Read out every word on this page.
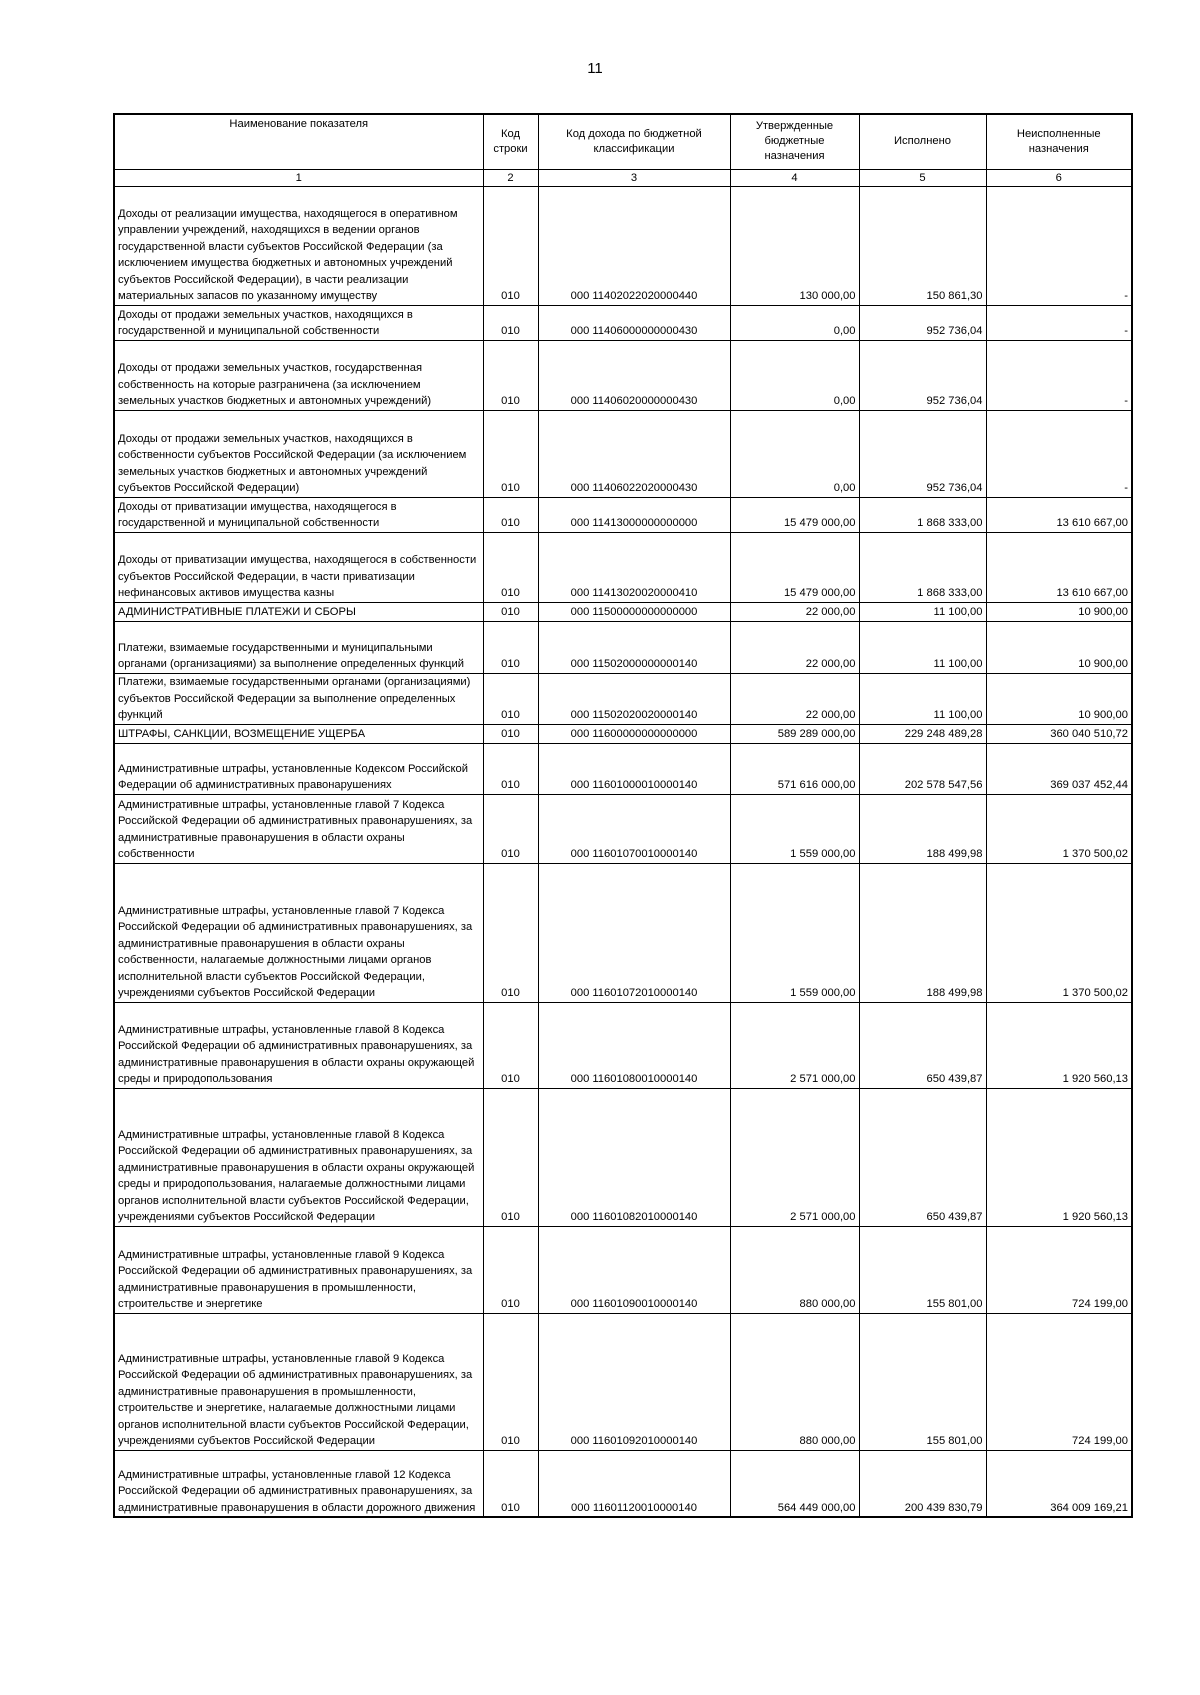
11
Наименование показателя	Код строки	Код дохода по бюджетной классификации	Утвержденные бюджетные назначения	Исполнено	Неисполненные назначения
1	2	3	4	5	6
Доходы от реализации имущества, находящегося в оперативном управлении учреждений, находящихся в ведении органов государственной власти субъектов Российской Федерации (за исключением имущества бюджетных и автономных учреждений субъектов Российской Федерации), в части реализации материальных запасов по указанному имуществу	010	000 11402022020000440	130 000,00	150 861,30	-
Доходы от продажи земельных участков, находящихся в государственной и муниципальной собственности	010	000 11406000000000430	0,00	952 736,04	-
Доходы от продажи земельных участков, государственная собственность на которые разграничена (за исключением земельных участков бюджетных и автономных учреждений)	010	000 11406020000000430	0,00	952 736,04	-
Доходы от продажи земельных участков, находящихся в собственности субъектов Российской Федерации (за исключением земельных участков бюджетных и автономных учреждений субъектов Российской Федерации)	010	000 11406022020000430	0,00	952 736,04	-
Доходы от приватизации имущества, находящегося в государственной и муниципальной собственности	010	000 11413000000000000	15 479 000,00	1 868 333,00	13 610 667,00
Доходы от приватизации имущества, находящегося в собственности субъектов Российской Федерации, в части приватизации нефинансовых активов имущества казны	010	000 11413020020000410	15 479 000,00	1 868 333,00	13 610 667,00
АДМИНИСТРАТИВНЫЕ ПЛАТЕЖИ И СБОРЫ	010	000 11500000000000000	22 000,00	11 100,00	10 900,00
Платежи, взимаемые государственными и муниципальными органами (организациями) за выполнение определенных функций	010	000 11502000000000140	22 000,00	11 100,00	10 900,00
Платежи, взимаемые государственными органами (организациями) субъектов Российской Федерации за выполнение определенных функций	010	000 11502020020000140	22 000,00	11 100,00	10 900,00
ШТРАФЫ, САНКЦИИ, ВОЗМЕЩЕНИЕ УЩЕРБА	010	000 11600000000000000	589 289 000,00	229 248 489,28	360 040 510,72
Административные штрафы, установленные Кодексом Российской Федерации об административных правонарушениях	010	000 11601000010000140	571 616 000,00	202 578 547,56	369 037 452,44
Административные штрафы, установленные главой 7 Кодекса Российской Федерации об административных правонарушениях, за административные правонарушения в области охраны собственности	010	000 11601070010000140	1 559 000,00	188 499,98	1 370 500,02
Административные штрафы, установленные главой 7 Кодекса Российской Федерации об административных правонарушениях, за административные правонарушения в области охраны собственности, налагаемые должностными лицами органов исполнительной власти субъектов Российской Федерации, учреждениями субъектов Российской Федерации	010	000 11601072010000140	1 559 000,00	188 499,98	1 370 500,02
Административные штрафы, установленные главой 8 Кодекса Российской Федерации об административных правонарушениях, за административные правонарушения в области охраны окружающей среды и природопользования	010	000 11601080010000140	2 571 000,00	650 439,87	1 920 560,13
Административные штрафы, установленные главой 8 Кодекса Российской Федерации об административных правонарушениях, за административные правонарушения в области охраны окружающей среды и природопользования, налагаемые должностными лицами органов исполнительной власти субъектов Российской Федерации, учреждениями субъектов Российской Федерации	010	000 11601082010000140	2 571 000,00	650 439,87	1 920 560,13
Административные штрафы, установленные главой 9 Кодекса Российской Федерации об административных правонарушениях, за административные правонарушения в промышленности, строительстве и энергетике	010	000 11601090010000140	880 000,00	155 801,00	724 199,00
Административные штрафы, установленные главой 9 Кодекса Российской Федерации об административных правонарушениях, за административные правонарушения в промышленности, строительстве и энергетике, налагаемые должностными лицами органов исполнительной власти субъектов Российской Федерации, учреждениями субъектов Российской Федерации	010	000 11601092010000140	880 000,00	155 801,00	724 199,00
Административные штрафы, установленные главой 12 Кодекса Российской Федерации об административных правонарушениях, за административные правонарушения в области дорожного движения	010	000 11601120010000140	564 449 000,00	200 439 830,79	364 009 169,21
